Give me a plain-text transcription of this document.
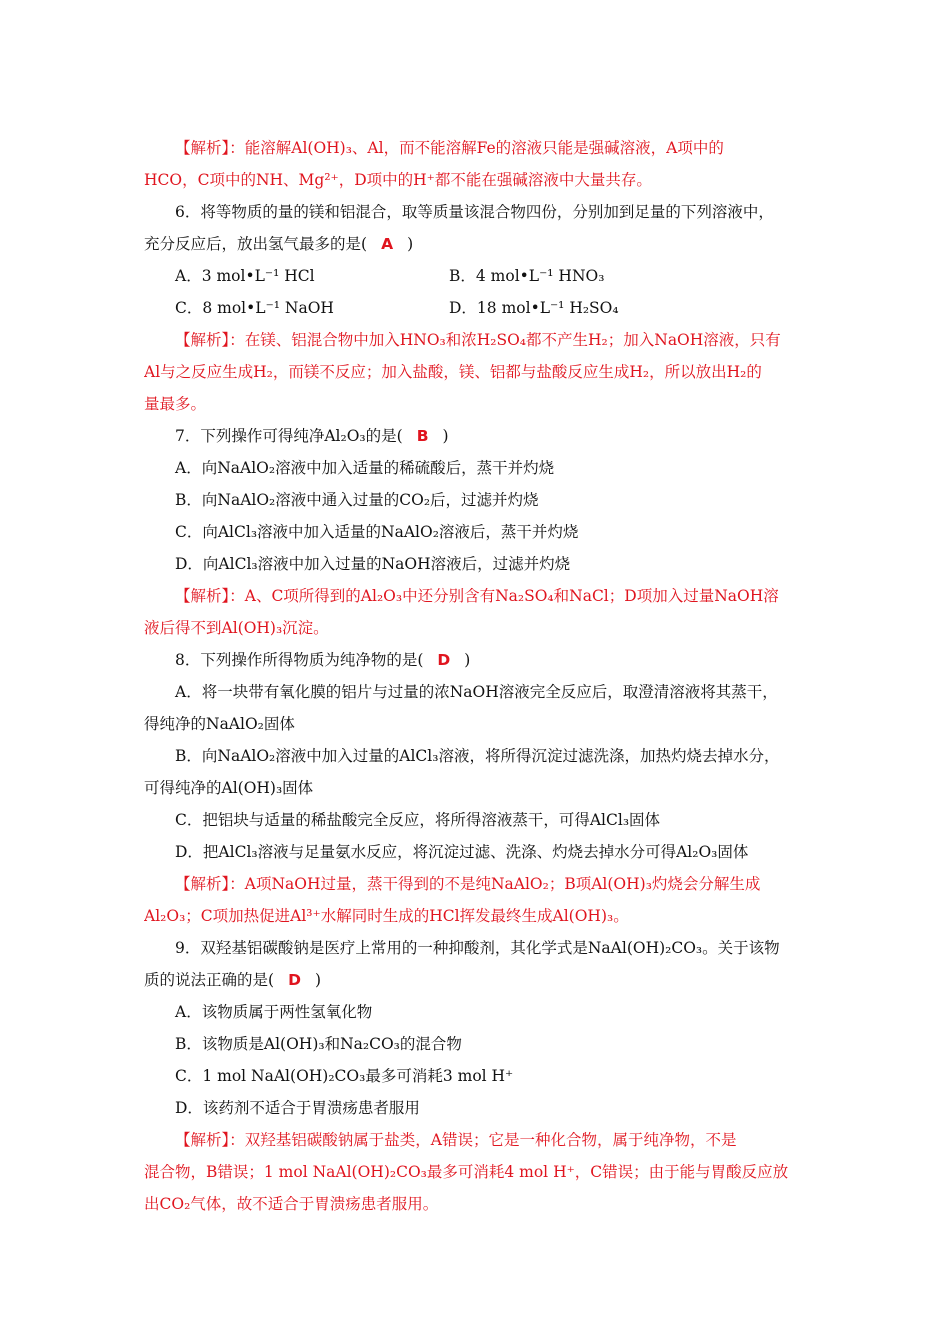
【解析】：能溶解Al(OH)₃、Al，而不能溶解Fe的溶液只能是强碱溶液，A项中的
HCO，C项中的NH、Mg²⁺，D项中的H⁺都不能在强碱溶液中大量共存。
6．将等物质的量的镁和铝混合，取等质量该混合物四份，分别加到足量的下列溶液中，
充分反应后，放出氢气最多的是( A )
A．3 mol•L⁻¹ HCl	B．4 mol•L⁻¹ HNO₃
C．8 mol•L⁻¹ NaOH	D．18 mol•L⁻¹ H₂SO₄
【解析】：在镁、铝混合物中加入HNO₃和浓H₂SO₄都不产生H₂；加入NaOH溶液，只有
Al与之反应生成H₂，而镁不反应；加入盐酸，镁、铝都与盐酸反应生成H₂，所以放出H₂的
量最多。
7．下列操作可得纯净Al₂O₃的是( B )
A．向NaAlO₂溶液中加入适量的稀硫酸后，蒸干并灼烧
B．向NaAlO₂溶液中通入过量的CO₂后，过滤并灼烧
C．向AlCl₃溶液中加入适量的NaAlO₂溶液后，蒸干并灼烧
D．向AlCl₃溶液中加入过量的NaOH溶液后，过滤并灼烧
【解析】：A、C项所得到的Al₂O₃中还分别含有Na₂SO₄和NaCl；D项加入过量NaOH溶
液后得不到Al(OH)₃沉淀。
8．下列操作所得物质为纯净物的是( D )
A．将一块带有氧化膜的铝片与过量的浓NaOH溶液完全反应后，取澄清溶液将其蒸干，
得纯净的NaAlO₂固体
B．向NaAlO₂溶液中加入过量的AlCl₃溶液，将所得沉淀过滤洗涤，加热灼烧去掉水分，
可得纯净的Al(OH)₃固体
C．把铝块与适量的稀盐酸完全反应，将所得溶液蒸干，可得AlCl₃固体
D．把AlCl₃溶液与足量氨水反应，将沉淀过滤、洗涤、灼烧去掉水分可得Al₂O₃固体
【解析】：A项NaOH过量，蒸干得到的不是纯NaAlO₂；B项Al(OH)₃灼烧会分解生成
Al₂O₃；C项加热促进Al³⁺水解同时生成的HCl挥发最终生成Al(OH)₃。
9．双羟基铝碳酸钠是医疗上常用的一种抑酸剂，其化学式是NaAl(OH)₂CO₃。关于该物
质的说法正确的是( D )
A．该物质属于两性氢氧化物
B．该物质是Al(OH)₃和Na₂CO₃的混合物
C．1 mol NaAl(OH)₂CO₃最多可消耗3 mol H⁺
D．该药剂不适合于胃溃疡患者服用
【解析】：双羟基铝碳酸钠属于盐类，A错误；它是一种化合物，属于纯净物，不是
混合物，B错误；1 mol NaAl(OH)₂CO₃最多可消耗4 mol H⁺，C错误；由于能与胃酸反应放
出CO₂气体，故不适合于胃溃疡患者服用。
